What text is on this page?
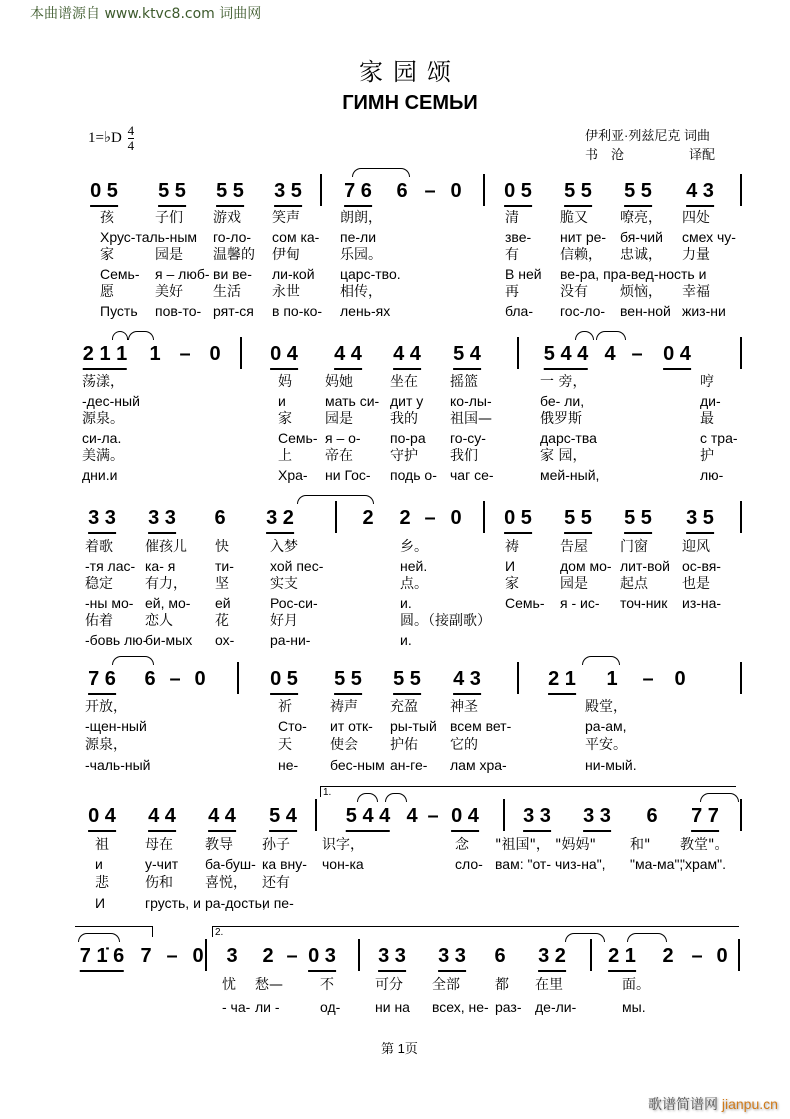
本曲谱源自 www.ktvc8.com 词曲网
家园颂
ГИМН СЕМЬИ
1=♭D $\frac{4}{4}$	伊利亚·列兹尼克 词曲
书　沧　　　　　译配
0 5 5 5 5 5 3 5 7 6 6 – 0 0 5 5 5 5 5 4 3
孩	子们 游戏 笑声	朗朗，	清	脆又 嘹亮， 四处
Хрус-таль-ным го-ло- сом ка- пе-ли	зве- нит ре- бя-чий смех чу-
家	园是 温馨的 伊甸	乐园。	有	信赖， 忠诚， 力量
Семь- я – люб- ви ве- ли-кой царс-тво.	В ней ве-ра, пра-вед-ность и
愿	美好 生活 永世	相传，	再	没有 烦恼， 幸福
Пусть пов-то- рят-ся в по-ко- лень-ях	бла- гос-ло- вен-ной жиз-ни
2 1 1 1 – 0 0 4 4 4 4 4 5 4	5 4 4 4 – 0 4
荡漾，	妈 妈她	坐在 摇篮	一 旁，	哼
-дес-ный	и	мать си- дит у ко-лы-	бе- ли,	ди-
源泉。	家 园是	我的 祖国—	俄罗斯	最
си-ла.	Семь- я – о- по-ра го-су-	дарс-тва	с тра-
美满。	上 帝在	守护 我们	家 园，	护
дни.и	Хра- ни Гос- подь о- чаг се-	мей-ный,	лю-
3 3 3 3 6 3 2	2 2 – 0 0 5 5 5 5 5 3 5
着歌 催孩儿 快	入梦	乡。	祷	告屋 门窗 迎风
-тя лас- ка- я	ти-	хой пес-	ней.	И	дом мо- лит-вой ос-вя-
稳定 有力， 坚	实支	点。	家	园是 起点 也是
-ны мо- ей, мо- ей	Рос-си-	и.	Семь- я - ис- точ-ник из-на-
佑着 恋人	花	好月	圆。（接副歌）
-бовь лю-
би-мых ох-	ра-ни-	и.
7 6 6 – 0	0 5 5 5 5 5 4 3	2 1 1 – 0
开放，	祈	祷声 充盈 神圣	殿堂，
-щен-ный	Сто- ит отк- ры-тый всем вет-	ра-ам,
源泉，	天	使会 护佑 它的	平安。
-чаль-ный	не- бес-ным ан-ге- лам хра-	ни-мый.
0 4 4 4 4 4 5 4 5 4 4 4 – 0 4 3 3 3 3 6 7 7
1.
祖	母在 教导 孙子 识字，	念 "祖国"， "妈妈" 和" 教堂"。
и	у-чит ба-буш- ка вну- чон-ка	сло- вам: "от- чиз-на", "ма-ма",
"храм".
悲	伤和 喜悦， 还有
И	грусть, и ра-дость,
и пе-
7 1̇ 6 7 – 0 3 2 – 0 3 3 3 3 3 6 3 2 2 1 2 – 0
2.
忧 愁—	不	可分 全部	都 在里	面。
- ча- ли -	од- ни на всех, не- раз- де-ли-	мы.
第 1页
歌谱简谱网 jianpu.cn
